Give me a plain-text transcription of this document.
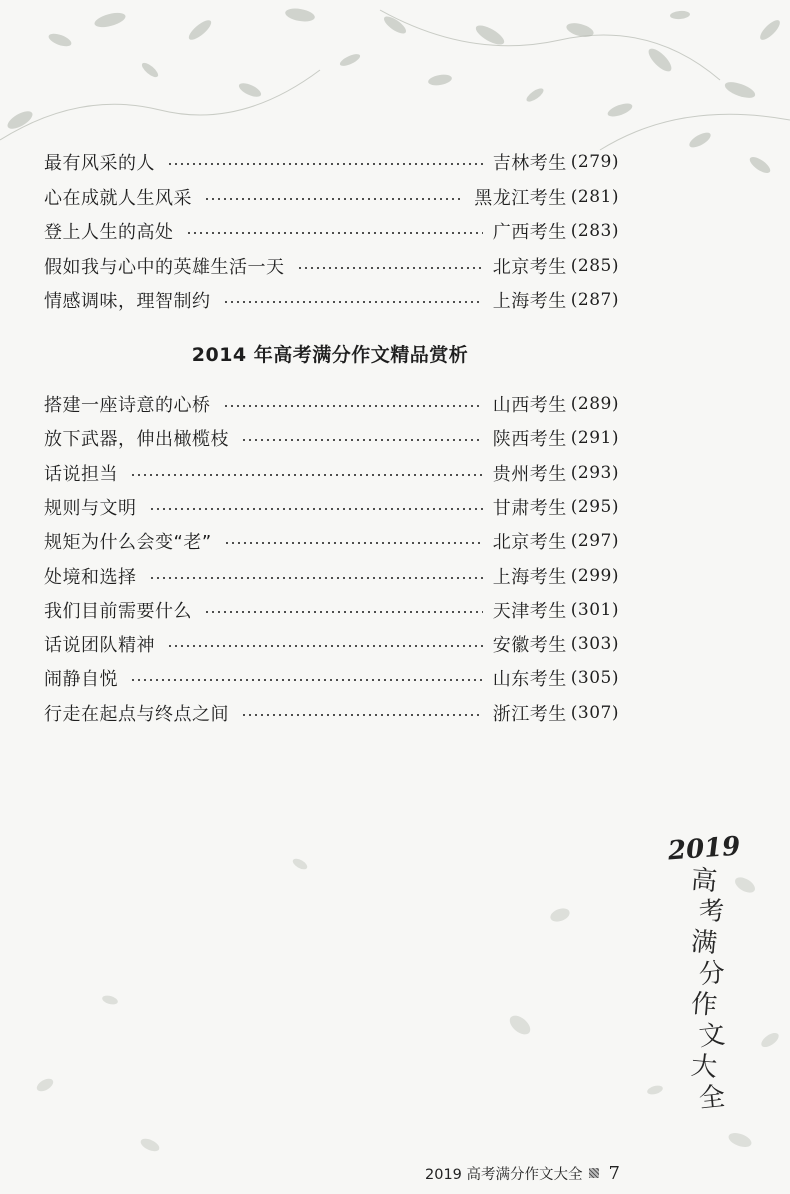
最有风采的人	吉林考生 (279)
心在成就人生风采	黑龙江考生 (281)
登上人生的高处	广西考生 (283)
假如我与心中的英雄生活一天	北京考生 (285)
情感调味，理智制约	上海考生 (287)
2014 年高考满分作文精品赏析
搭建一座诗意的心桥	山西考生 (289)
放下武器，伸出橄榄枝	陕西考生 (291)
话说担当	贵州考生 (293)
规则与文明	甘肃考生 (295)
规矩为什么会变“老”	北京考生 (297)
处境和选择	上海考生 (299)
我们目前需要什么	天津考生 (301)
话说团队精神	安徽考生 (303)
闹静自悦	山东考生 (305)
行走在起点与终点之间	浙江考生 (307)
2019
高
考
满
分
作
文
大
全
2019 高考满分作文大全 7
